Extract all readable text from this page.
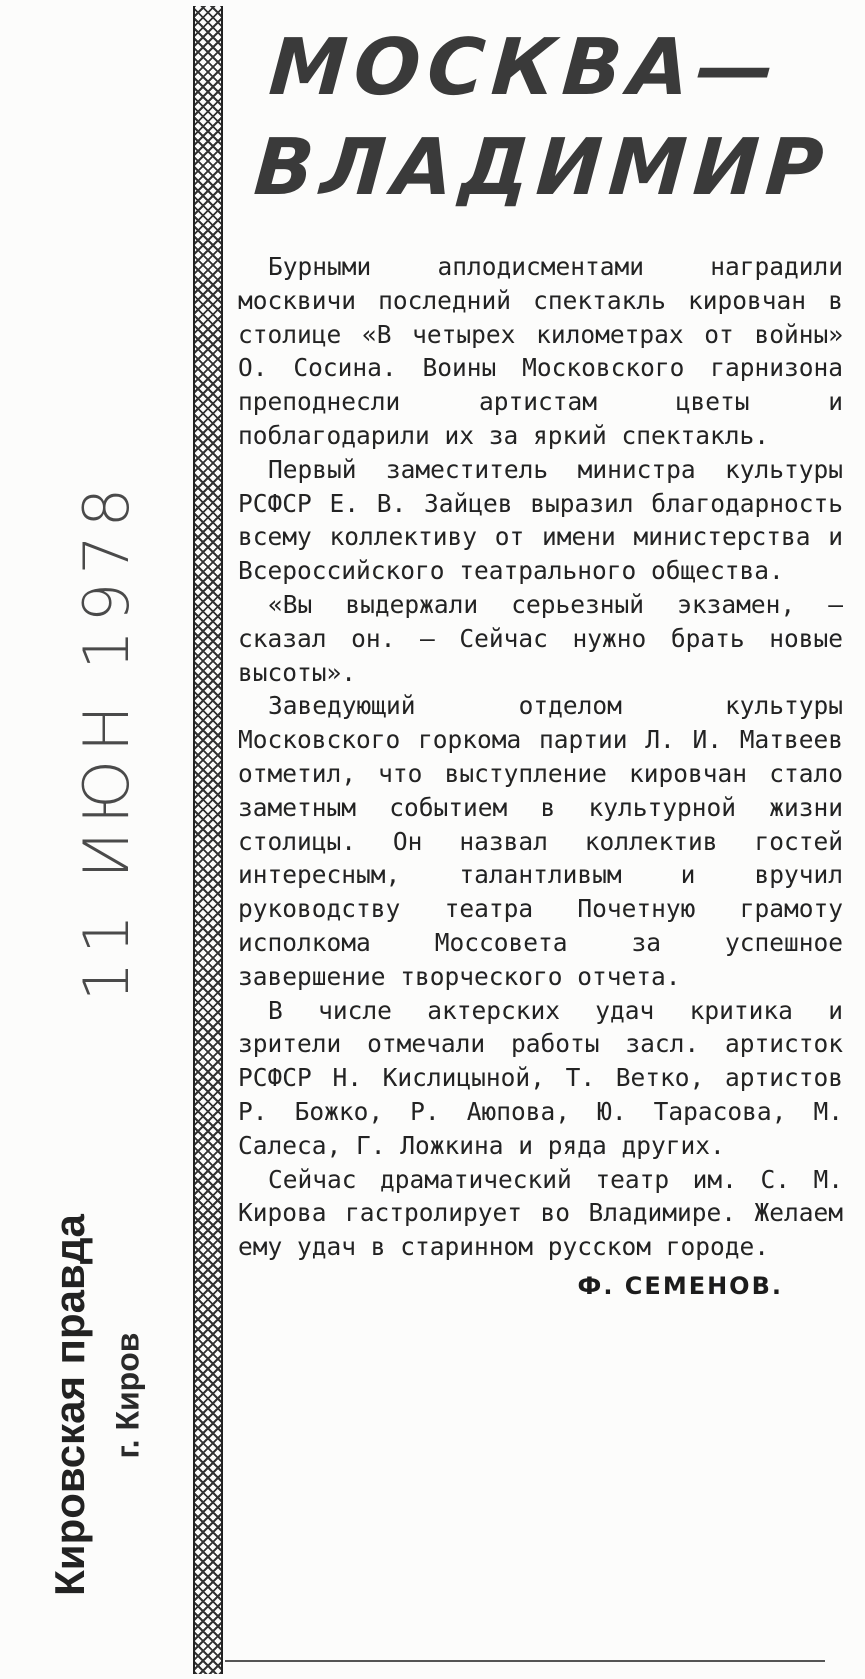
11 ИЮН 1978
Кировская правда г. Киров
МОСКВА—
ВЛАДИМИР

Бурными аплодисментами наградили москвичи последний спектакль кировчан в столице «В четырех километрах от войны» О. Сосина. Воины Московского гарнизона преподнесли артистам цветы и поблагодарили их за яркий спектакль.

Первый заместитель министра культуры РСФСР Е. В. Зайцев выразил благодарность всему коллективу от имени министерства и Всероссийского театрального общества.

«Вы выдержали серьезный экзамен, — сказал он. — Сейчас нужно брать новые высоты».

Заведующий отделом культуры Московского горкома партии Л. И. Матвеев отметил, что выступление кировчан стало заметным событием в культурной жизни столицы. Он назвал коллектив гостей интересным, талантливым и вручил руководству театра Почетную грамоту исполкома Моссовета за успешное завершение творческого отчета.

В числе актерских удач критика и зрители отмечали работы засл. артисток РСФСР Н. Кислицыной, Т. Ветко, артистов Р. Божко, Р. Аюпова, Ю. Тарасова, М. Салеса, Г. Ложкина и ряда других.

Сейчас драматический театр им. С. М. Кирова гастролирует во Владимире. Желаем ему удач в старинном русском городе.

Ф. СЕМЕНОВ.
